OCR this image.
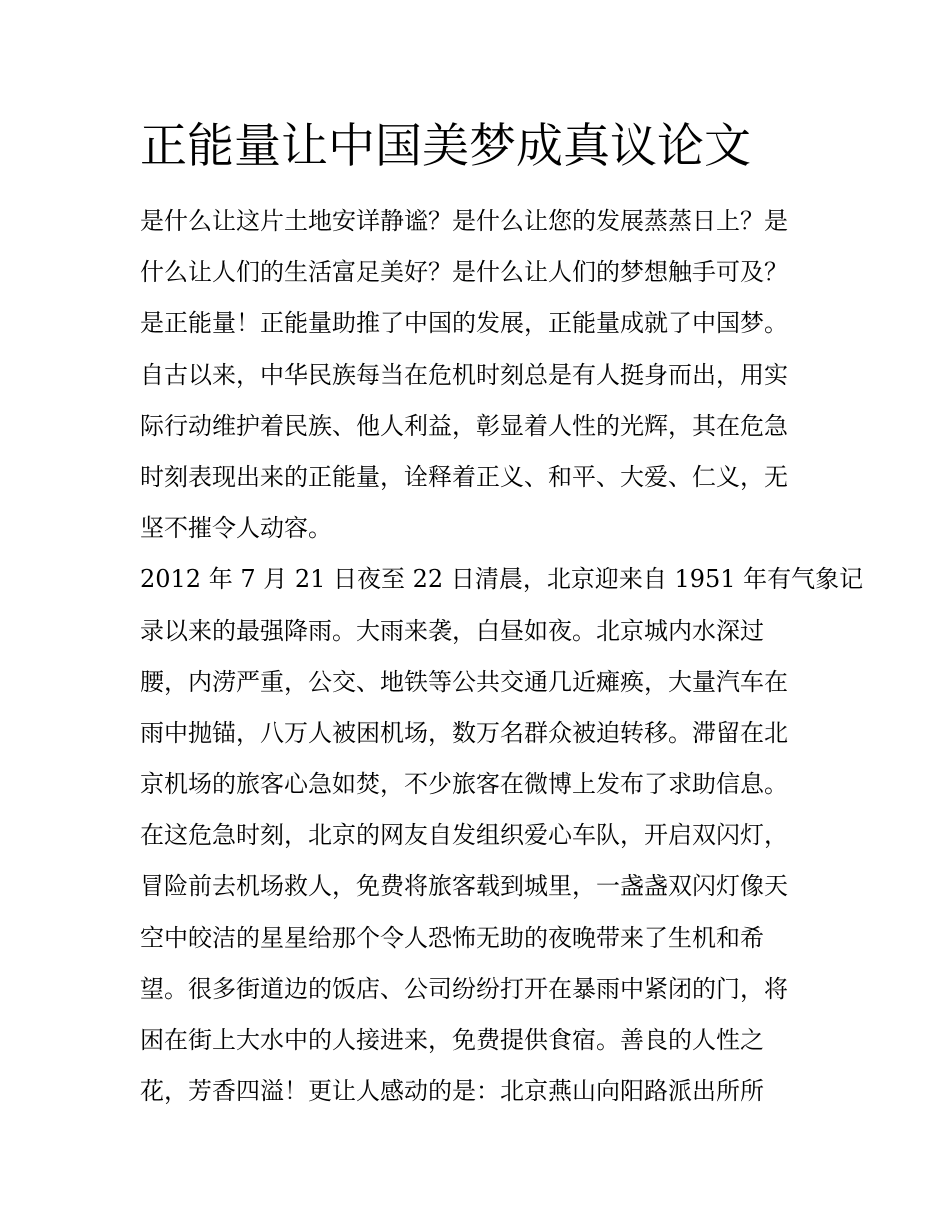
正能量让中国美梦成真议论文
是什么让这片土地安详静谧？是什么让您的发展蒸蒸日上？是
什么让人们的生活富足美好？是什么让人们的梦想触手可及？
是正能量！正能量助推了中国的发展，正能量成就了中国梦。
自古以来，中华民族每当在危机时刻总是有人挺身而出，用实
际行动维护着民族、他人利益，彰显着人性的光辉，其在危急
时刻表现出来的正能量，诠释着正义、和平、大爱、仁义，无
坚不摧令人动容。
2012 年 7 月 21 日夜至 22 日清晨，北京迎来自 1951 年有气象记
录以来的最强降雨。大雨来袭，白昼如夜。北京城内水深过
腰，内涝严重，公交、地铁等公共交通几近瘫痪，大量汽车在
雨中抛锚，八万人被困机场，数万名群众被迫转移。滞留在北
京机场的旅客心急如焚，不少旅客在微博上发布了求助信息。
在这危急时刻，北京的网友自发组织爱心车队，开启双闪灯，
冒险前去机场救人，免费将旅客载到城里，一盏盏双闪灯像天
空中皎洁的星星给那个令人恐怖无助的夜晚带来了生机和希
望。很多街道边的饭店、公司纷纷打开在暴雨中紧闭的门，将
困在街上大水中的人接进来，免费提供食宿。善良的人性之
花，芳香四溢！更让人感动的是：北京燕山向阳路派出所所
